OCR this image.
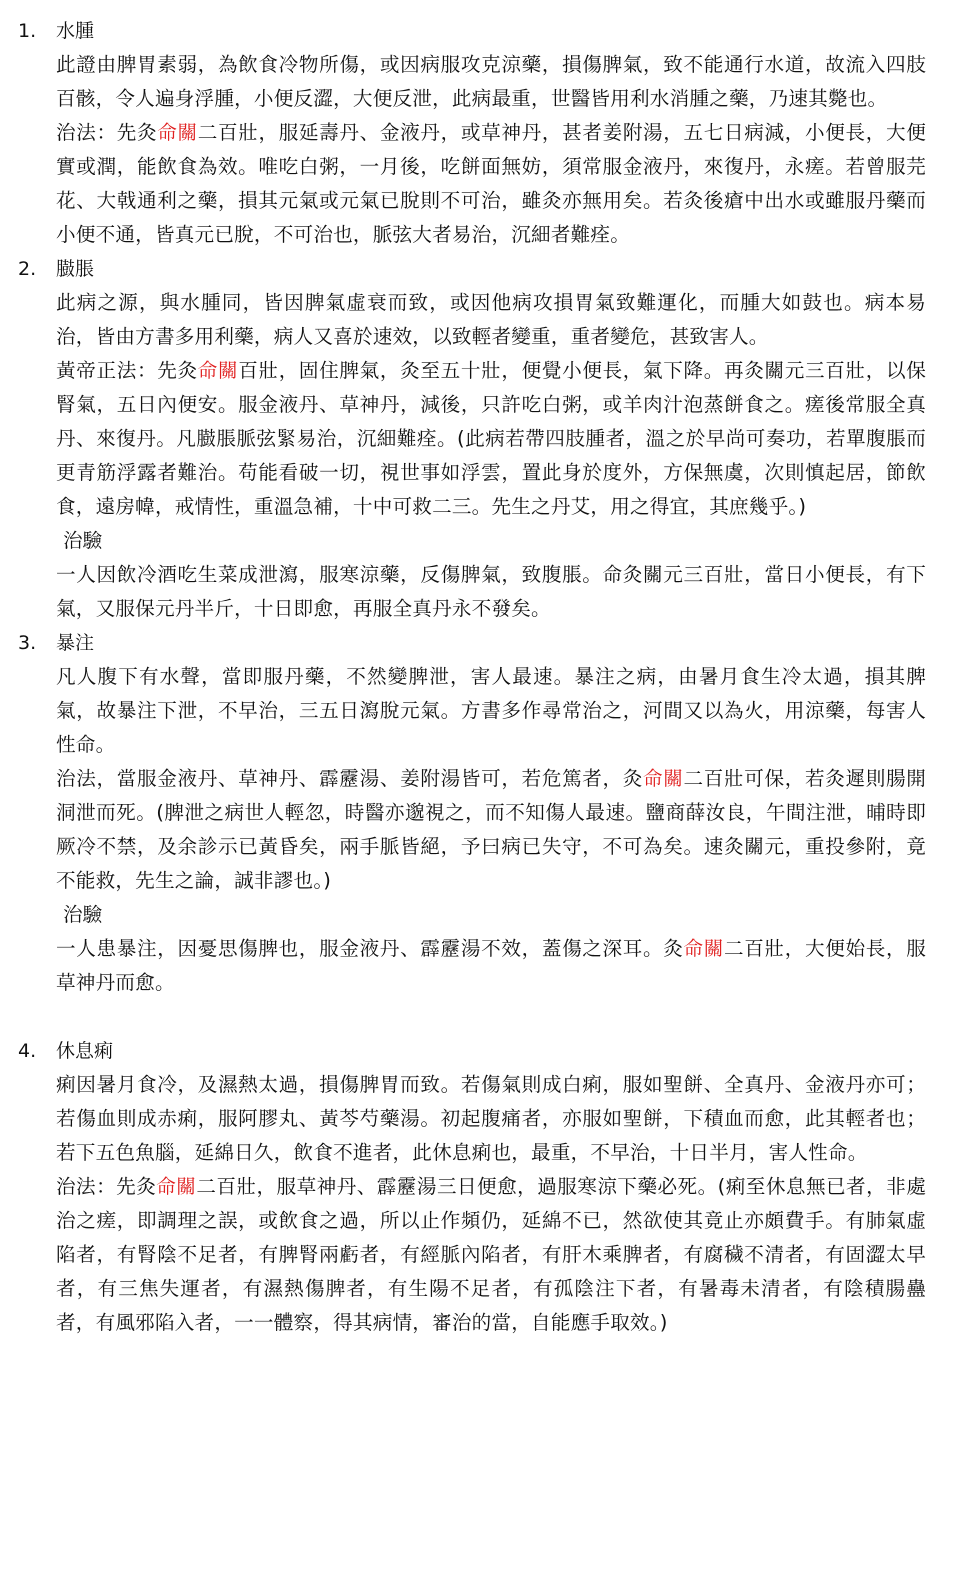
1. 水腫
此證由脾胃素弱，為飲食冷物所傷，或因病服攻克涼藥，損傷脾氣，致不能通行水道，故流入四肢百骸，令人遍身浮腫，小便反澀，大便反泄，此病最重，世醫皆用利水消腫之藥，乃速其斃也。
治法：先灸命關二百壯，服延壽丹、金液丹，或草神丹，甚者姜附湯，五七日病減，小便長，大便實或潤，能飲食為效。唯吃白粥，一月後，吃餅面無妨，須常服金液丹，來復丹，永瘥。若曾服芫花、大戟通利之藥，損其元氣或元氣已脫則不可治，雖灸亦無用矣。若灸後瘡中出水或雖服丹藥而小便不通，皆真元已脫，不可治也，脈弦大者易治，沉細者難痊。
2. 臌脹
此病之源，與水腫同，皆因脾氣虛衰而致，或因他病攻損胃氣致難運化，而腫大如鼓也。病本易治，皆由方書多用利藥，病人又喜於速效，以致輕者變重，重者變危，甚致害人。
黃帝正法：先灸命關百壯，固住脾氣，灸至五十壯，便覺小便長，氣下降。再灸關元三百壯，以保腎氣，五日內便安。服金液丹、草神丹，減後，只許吃白粥，或羊肉汁泡蒸餅食之。瘥後常服全真丹、來復丹。凡臌脹脈弦緊易治，沉細難痊。(此病若帶四肢腫者，溫之於早尚可奏功，若單腹脹而更青筋浮露者難治。苟能看破一切，視世事如浮雲，置此身於度外，方保無虞，次則慎起居，節飲食，遠房幃，戒情性，重溫急補，十中可救二三。先生之丹艾，用之得宜，其庶幾乎。)
治驗
一人因飲冷酒吃生菜成泄瀉，服寒涼藥，反傷脾氣，致腹脹。命灸關元三百壯，當日小便長，有下氣，又服保元丹半斤，十日即愈，再服全真丹永不發矣。
3. 暴注
凡人腹下有水聲，當即服丹藥，不然變脾泄，害人最速。暴注之病，由暑月食生冷太過，損其脾氣，故暴注下泄，不早治，三五日瀉脫元氣。方書多作尋常治之，河間又以為火，用涼藥，每害人性命。
治法，當服金液丹、草神丹、霹靂湯、姜附湯皆可，若危篤者，灸命關二百壯可保，若灸遲則腸開洞泄而死。(脾泄之病世人輕忽，時醫亦邈視之，而不知傷人最速。鹽商薛汝良，午間注泄，晡時即厥冷不禁，及余診示已黃昏矣，兩手脈皆絕，予曰病已失守，不可為矣。速灸關元，重投參附，竟不能救，先生之論，誠非謬也。)
治驗
一人患暴注，因憂思傷脾也，服金液丹、霹靂湯不效，蓋傷之深耳。灸命關二百壯，大便始長，服草神丹而愈。
4. 休息痢
痢因暑月食冷，及濕熱太過，損傷脾胃而致。若傷氣則成白痢，服如聖餅、全真丹、金液丹亦可；若傷血則成赤痢，服阿膠丸、黃芩芍藥湯。初起腹痛者，亦服如聖餅，下積血而愈，此其輕者也；若下五色魚腦，延綿日久，飲食不進者，此休息痢也，最重，不早治，十日半月，害人性命。
治法：先灸命關二百壯，服草神丹、霹靂湯三日便愈，過服寒涼下藥必死。(痢至休息無已者，非處治之瘥，即調理之誤，或飲食之過，所以止作頻仍，延綿不已，然欲使其竟止亦頗費手。有肺氣虛陷者，有腎陰不足者，有脾腎兩虧者，有經脈內陷者，有肝木乘脾者，有腐穢不清者，有固澀太早者，有三焦失運者，有濕熱傷脾者，有生陽不足者，有孤陰注下者，有暑毒未清者，有陰積腸蠱者，有風邪陷入者，一一體察，得其病情，審治的當，自能應手取效。)
